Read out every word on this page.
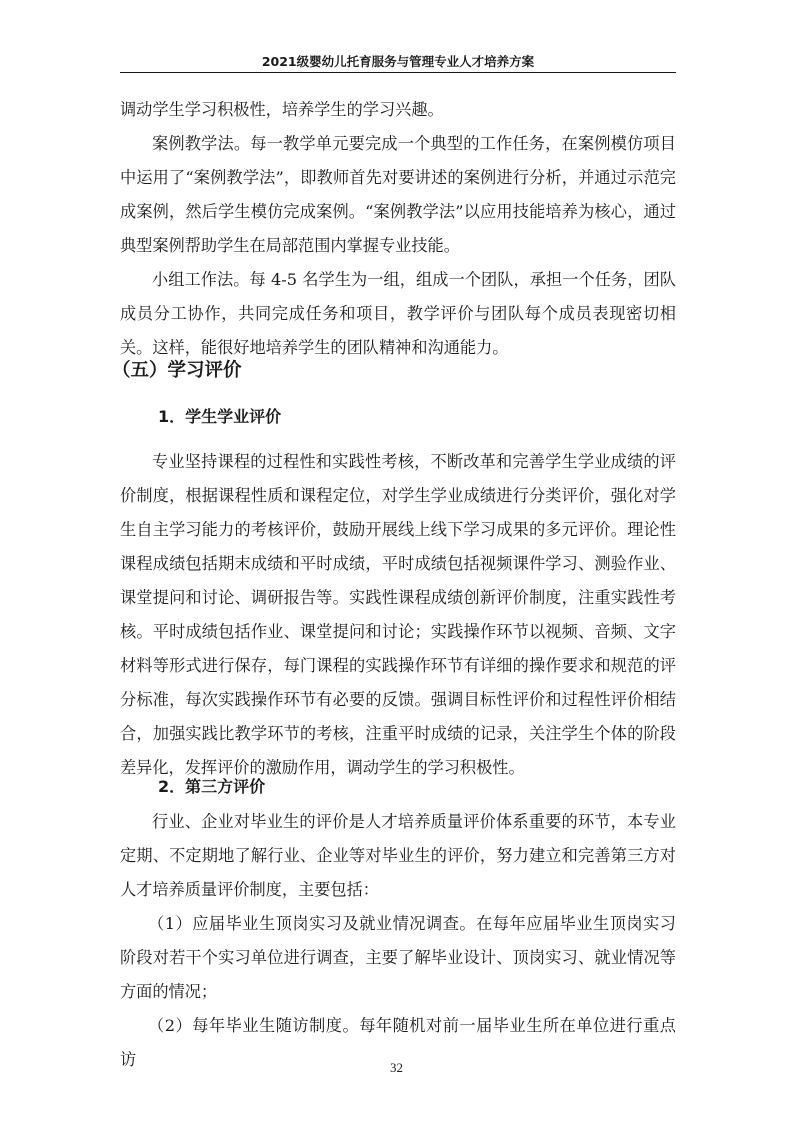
2021级婴幼儿托育服务与管理专业人才培养方案

调动学生学习积极性，培养学生的学习兴趣。

案例教学法。每一教学单元要完成一个典型的工作任务，在案例模仿项目中运用了“案例教学法”，即教师首先对要讲述的案例进行分析，并通过示范完成案例，然后学生模仿完成案例。“案例教学法”以应用技能培养为核心，通过典型案例帮助学生在局部范围内掌握专业技能。

小组工作法。每 4-5 名学生为一组，组成一个团队，承担一个任务，团队成员分工协作，共同完成任务和项目，教学评价与团队每个成员表现密切相关。这样，能很好地培养学生的团队精神和沟通能力。

（五）学习评价
1．学生学业评价

专业坚持课程的过程性和实践性考核，不断改革和完善学生学业成绩的评价制度，根据课程性质和课程定位，对学生学业成绩进行分类评价，强化对学生自主学习能力的考核评价，鼓励开展线上线下学习成果的多元评价。理论性课程成绩包括期末成绩和平时成绩，平时成绩包括视频课件学习、测验作业、课堂提问和讨论、调研报告等。实践性课程成绩创新评价制度，注重实践性考核。平时成绩包括作业、课堂提问和讨论；实践操作环节以视频、音频、文字材料等形式进行保存，每门课程的实践操作环节有详细的操作要求和规范的评分标准，每次实践操作环节有必要的反馈。强调目标性评价和过程性评价相结合，加强实践比教学环节的考核，注重平时成绩的记录，关注学生个体的阶段差异化，发挥评价的激励作用，调动学生的学习积极性。

2．第三方评价

行业、企业对毕业生的评价是人才培养质量评价体系重要的环节，本专业定期、不定期地了解行业、企业等对毕业生的评价，努力建立和完善第三方对人才培养质量评价制度，主要包括：

（1）应届毕业生顶岗实习及就业情况调查。在每年应届毕业生顶岗实习阶段对若干个实习单位进行调查，主要了解毕业设计、顶岗实习、就业情况等方面的情况；

（2）每年毕业生随访制度。每年随机对前一届毕业生所在单位进行重点访	32
